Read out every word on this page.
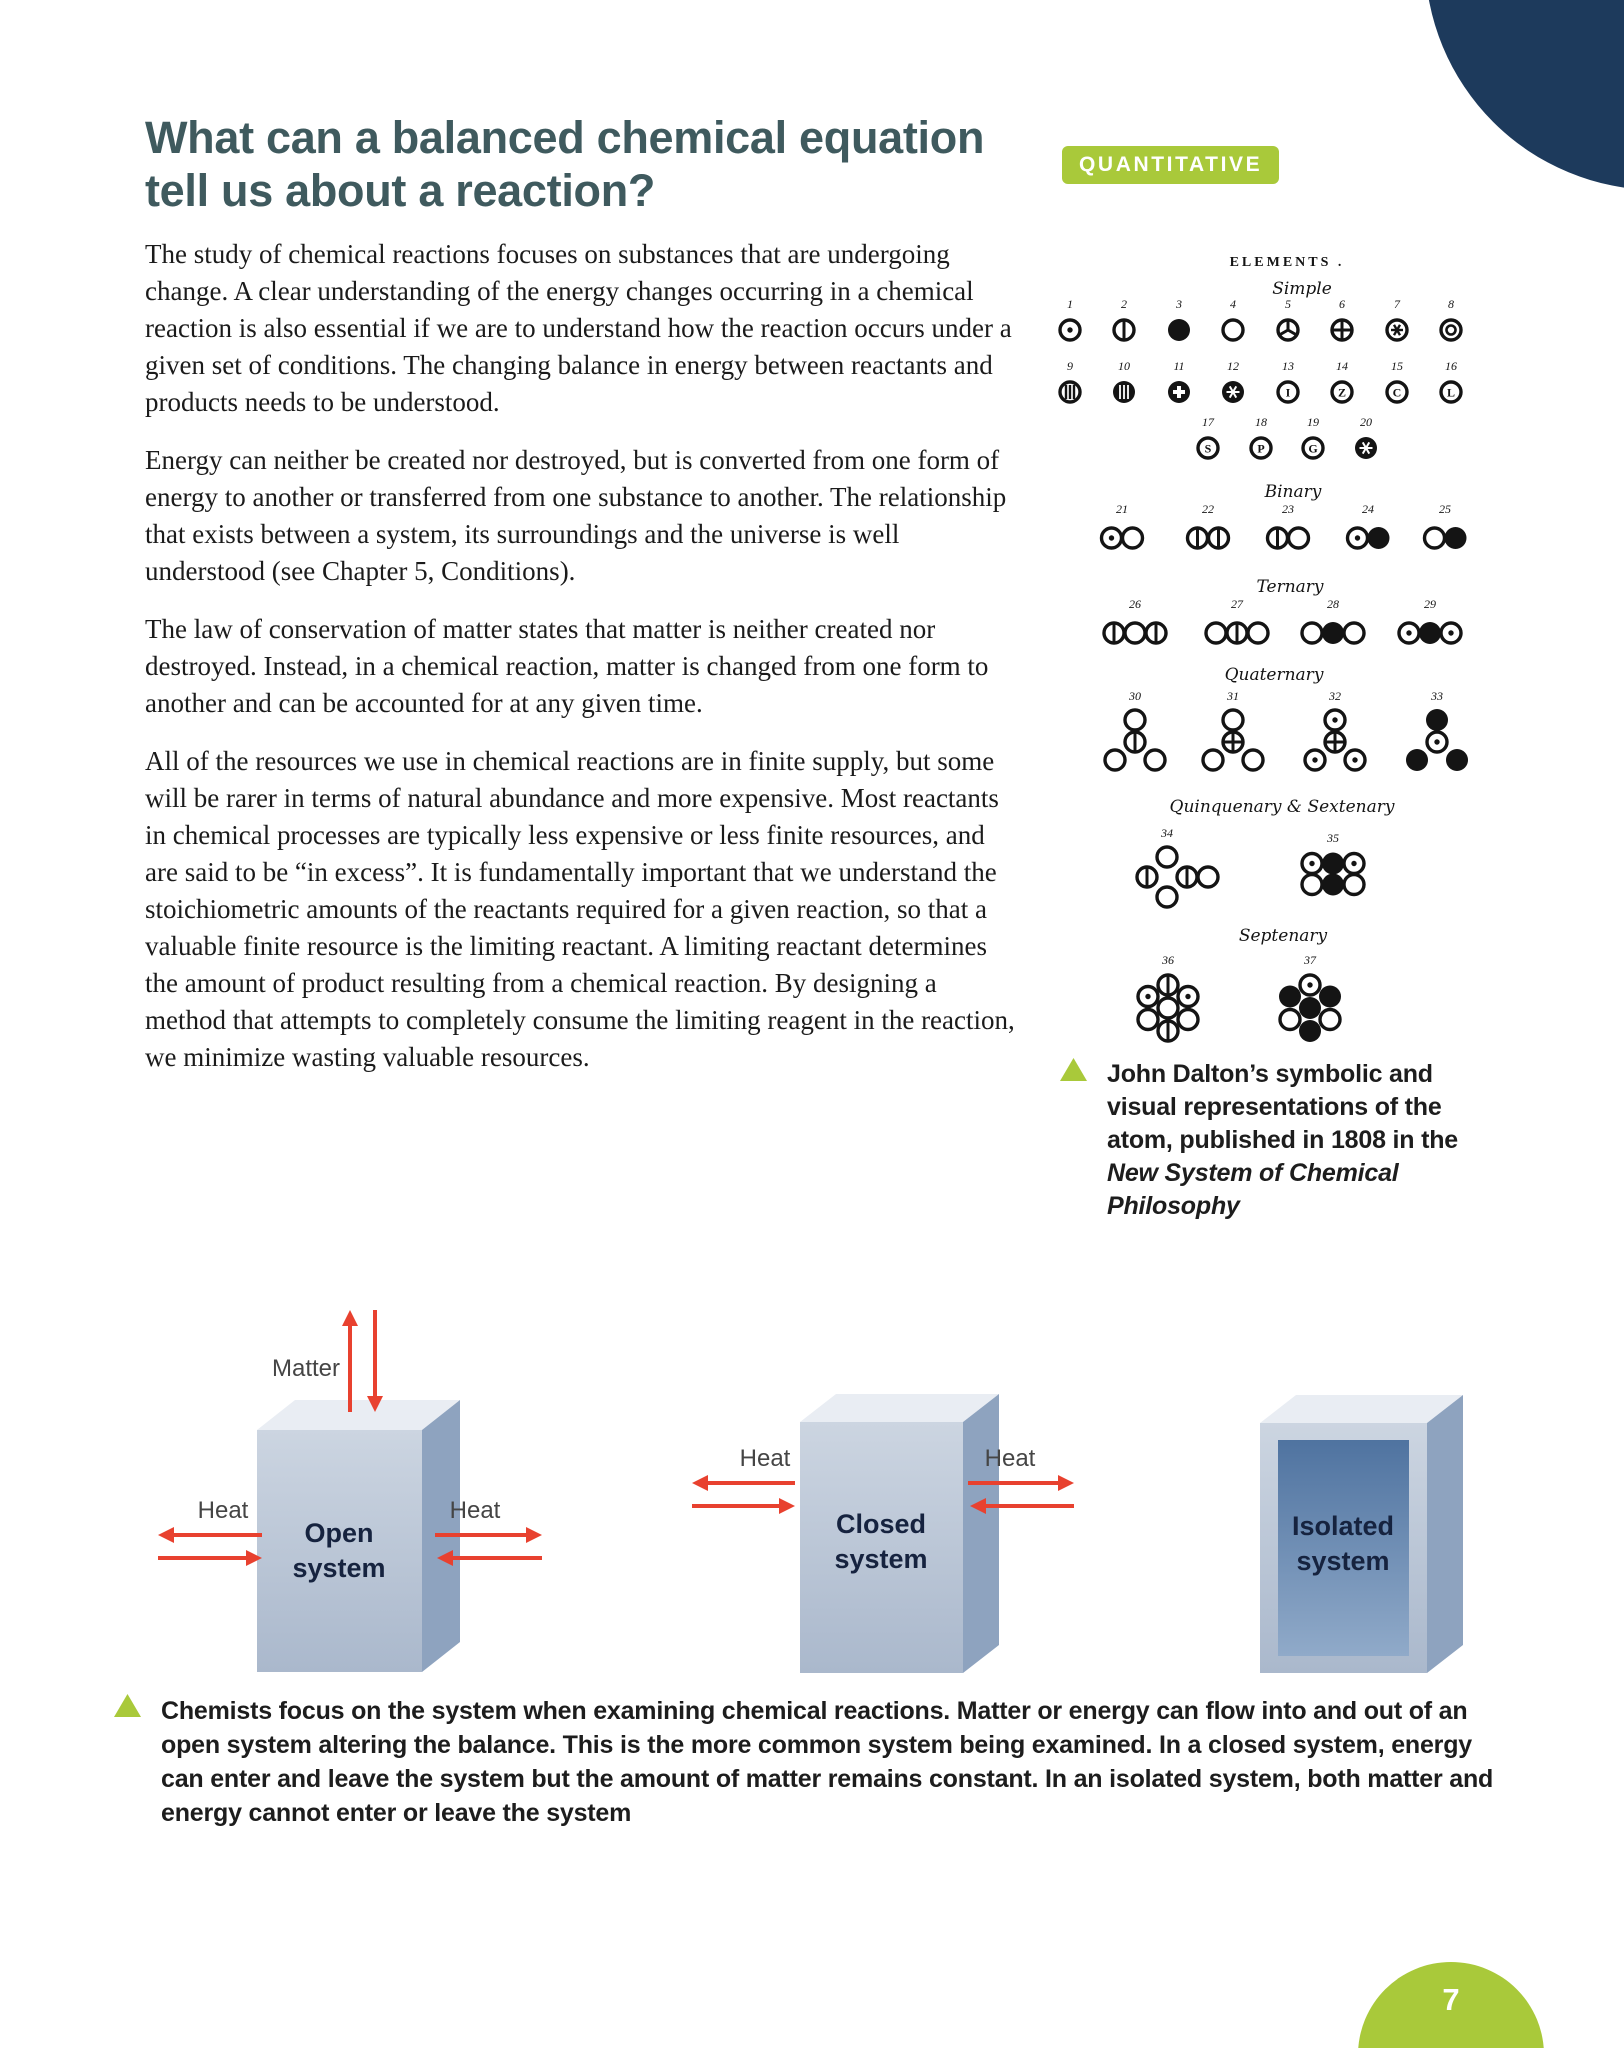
What can a balanced chemical equation
tell us about a reaction?
QUANTITATIVE

The study of chemical reactions focuses on substances that are undergoing change. A clear understanding of the energy changes occurring in a chemical reaction is also essential if we are to understand how the reaction occurs under a given set of conditions. The changing balance in energy between reactants and products needs to be understood.

Energy can neither be created nor destroyed, but is converted from one form of energy to another or transferred from one substance to another. The relationship that exists between a system, its surroundings and the universe is well understood (see Chapter 5, Conditions).

The law of conservation of matter states that matter is neither created nor destroyed. Instead, in a chemical reaction, matter is changed from one form to another and can be accounted for at any given time.

All of the resources we use in chemical reactions are in finite supply, but some will be rarer in terms of natural abundance and more expensive. Most reactants in chemical processes are typically less expensive or less finite resources, and are said to be “in excess”. It is fundamentally important that we understand the stoichiometric amounts of the reactants required for a given reaction, so that a valuable finite resource is the limiting reactant. A limiting reactant determines the amount of product resulting from a chemical reaction. By designing a method that attempts to completely consume the limiting reagent in the reaction, we minimize wasting valuable resources.

ELEMENTS .
Simple
Binary
Ternary
Quaternary
Quinquenary & Sextenary
Septenary
1	2	3	4	5	6	7	8
9	10	11	12	13
I
14
Z
15
C
16
L
17
S
18
P
19
G
20
21	22	23	24	25
26	27	28	29
30	31	32	33
34	35
36	37
John Dalton’s symbolic and visual representations of the atom, published in 1808 in the New System of Chemical Philosophy
Open
system
Closed
system
Isolated
system
Matter
Heat	Heat
Heat	Heat
Chemists focus on the system when examining chemical reactions. Matter or energy can flow into and out of an open system altering the balance. This is the more common system being examined. In a closed system, energy can enter and leave the system but the amount of matter remains constant. In an isolated system, both matter and energy cannot enter or leave the system
7
